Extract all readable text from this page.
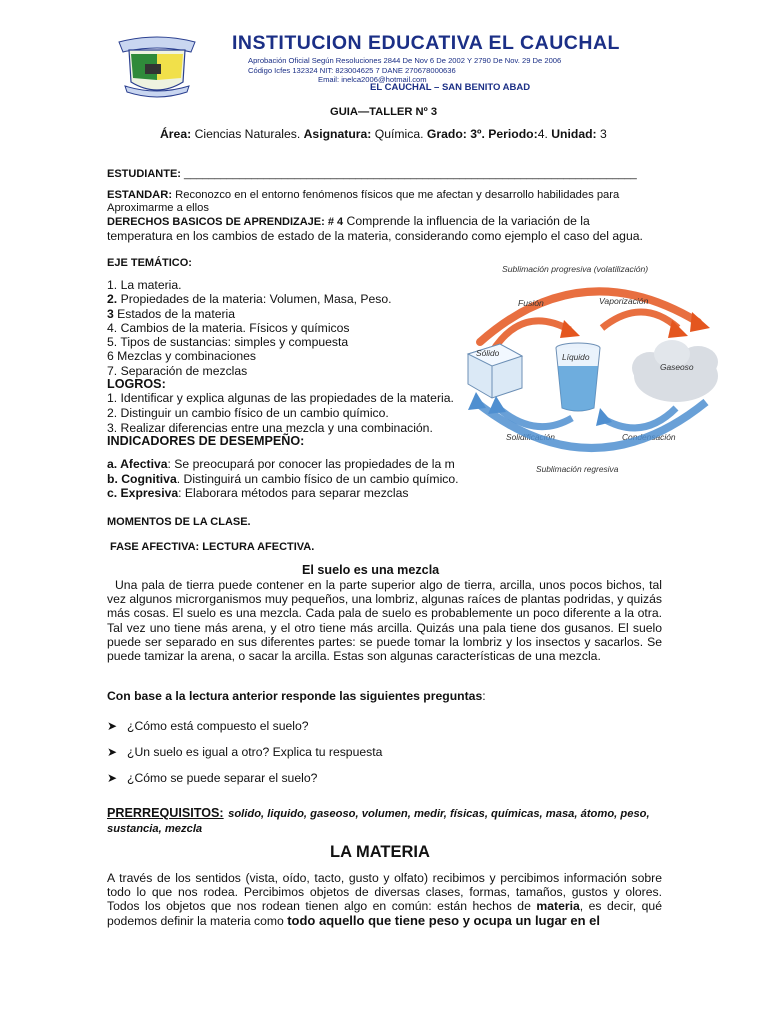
INSTITUCION EDUCATIVA EL CAUCHAL
Aprobación Oficial Según Resoluciones 2844 De Nov 6 De 2002 Y 2790 De Nov. 29 De 2006
Código Icfes 132324 NIT: 823004625 7 DANE 270678000636
Email: inelca2006@hotmail.com
EL CAUCHAL – SAN BENITO ABAD
GUIA—TALLER Nº 3
Área: Ciencias Naturales. Asignatura: Química. Grado: 3º. Periodo:4. Unidad: 3
ESTUDIANTE: __________________________________________________________________________
ESTANDAR: Reconozco en el entorno fenómenos físicos que me afectan y desarrollo habilidades para Aproximarme a ellos
DERECHOS BASICOS DE APRENDIZAJE: # 4 Comprende la influencia de la variación de la temperatura en los cambios de estado de la materia, considerando como ejemplo el caso del agua.
EJE TEMÁTICO:
1. La materia.
2. Propiedades de la materia: Volumen, Masa, Peso.
3 Estados de la materia
4. Cambios de la materia. Físicos y químicos
5. Tipos de sustancias: simples y compuesta
6 Mezclas y combinaciones
7. Separación de mezclas
LOGROS:
1. Identificar y explica algunas de las propiedades de la materia.
2. Distinguir un cambio físico de un cambio químico.
3. Realizar diferencias entre una mezcla y una combinación.
INDICADORES DE DESEMPEÑO:
a. Afectiva: Se preocupará por conocer las propiedades de la m
b. Cognitiva. Distinguirá un cambio físico de un cambio químico.
c. Expresiva: Elaborara métodos para separar mezclas
Sublimación progresiva (volatilización)
Fusión	Vaporización
Sólido	Líquido
Gaseoso
Solidificación	Condensación
Sublimación regresiva
MOMENTOS DE LA CLASE.
FASE AFECTIVA: LECTURA AFECTIVA.
El suelo es una mezcla
Una pala de tierra puede contener en la parte superior algo de tierra, arcilla, unos pocos bichos, tal vez algunos microrganismos muy pequeños, una lombriz, algunas raíces de plantas podridas, y quizás más cosas. El suelo es una mezcla. Cada pala de suelo es probablemente un poco diferente a la otra. Tal vez uno tiene más arena, y el otro tiene más arcilla. Quizás una pala tiene dos gusanos. El suelo puede ser separado en sus diferentes partes: se puede tomar la lombriz y los insectos y sacarlos. Se puede tamizar la arena, o sacar la arcilla. Estas son algunas características de una mezcla.
Con base a la lectura anterior responde las siguientes preguntas:
➤ ¿Cómo está compuesto el suelo?
➤ ¿Un suelo es igual a otro? Explica tu respuesta
➤ ¿Cómo se puede separar el suelo?
PRERREQUISITOS: solido, liquido, gaseoso, volumen, medir, físicas, químicas, masa, átomo, peso, sustancia, mezcla
LA MATERIA
A través de los sentidos (vista, oído, tacto, gusto y olfato) recibimos y percibimos información sobre todo lo que nos rodea. Percibimos objetos de diversas clases, formas, tamaños, gustos y olores. Todos los objetos que nos rodean tienen algo en común: están hechos de materia, es decir, qué podemos definir la materia como todo aquello que tiene peso y ocupa un lugar en el
